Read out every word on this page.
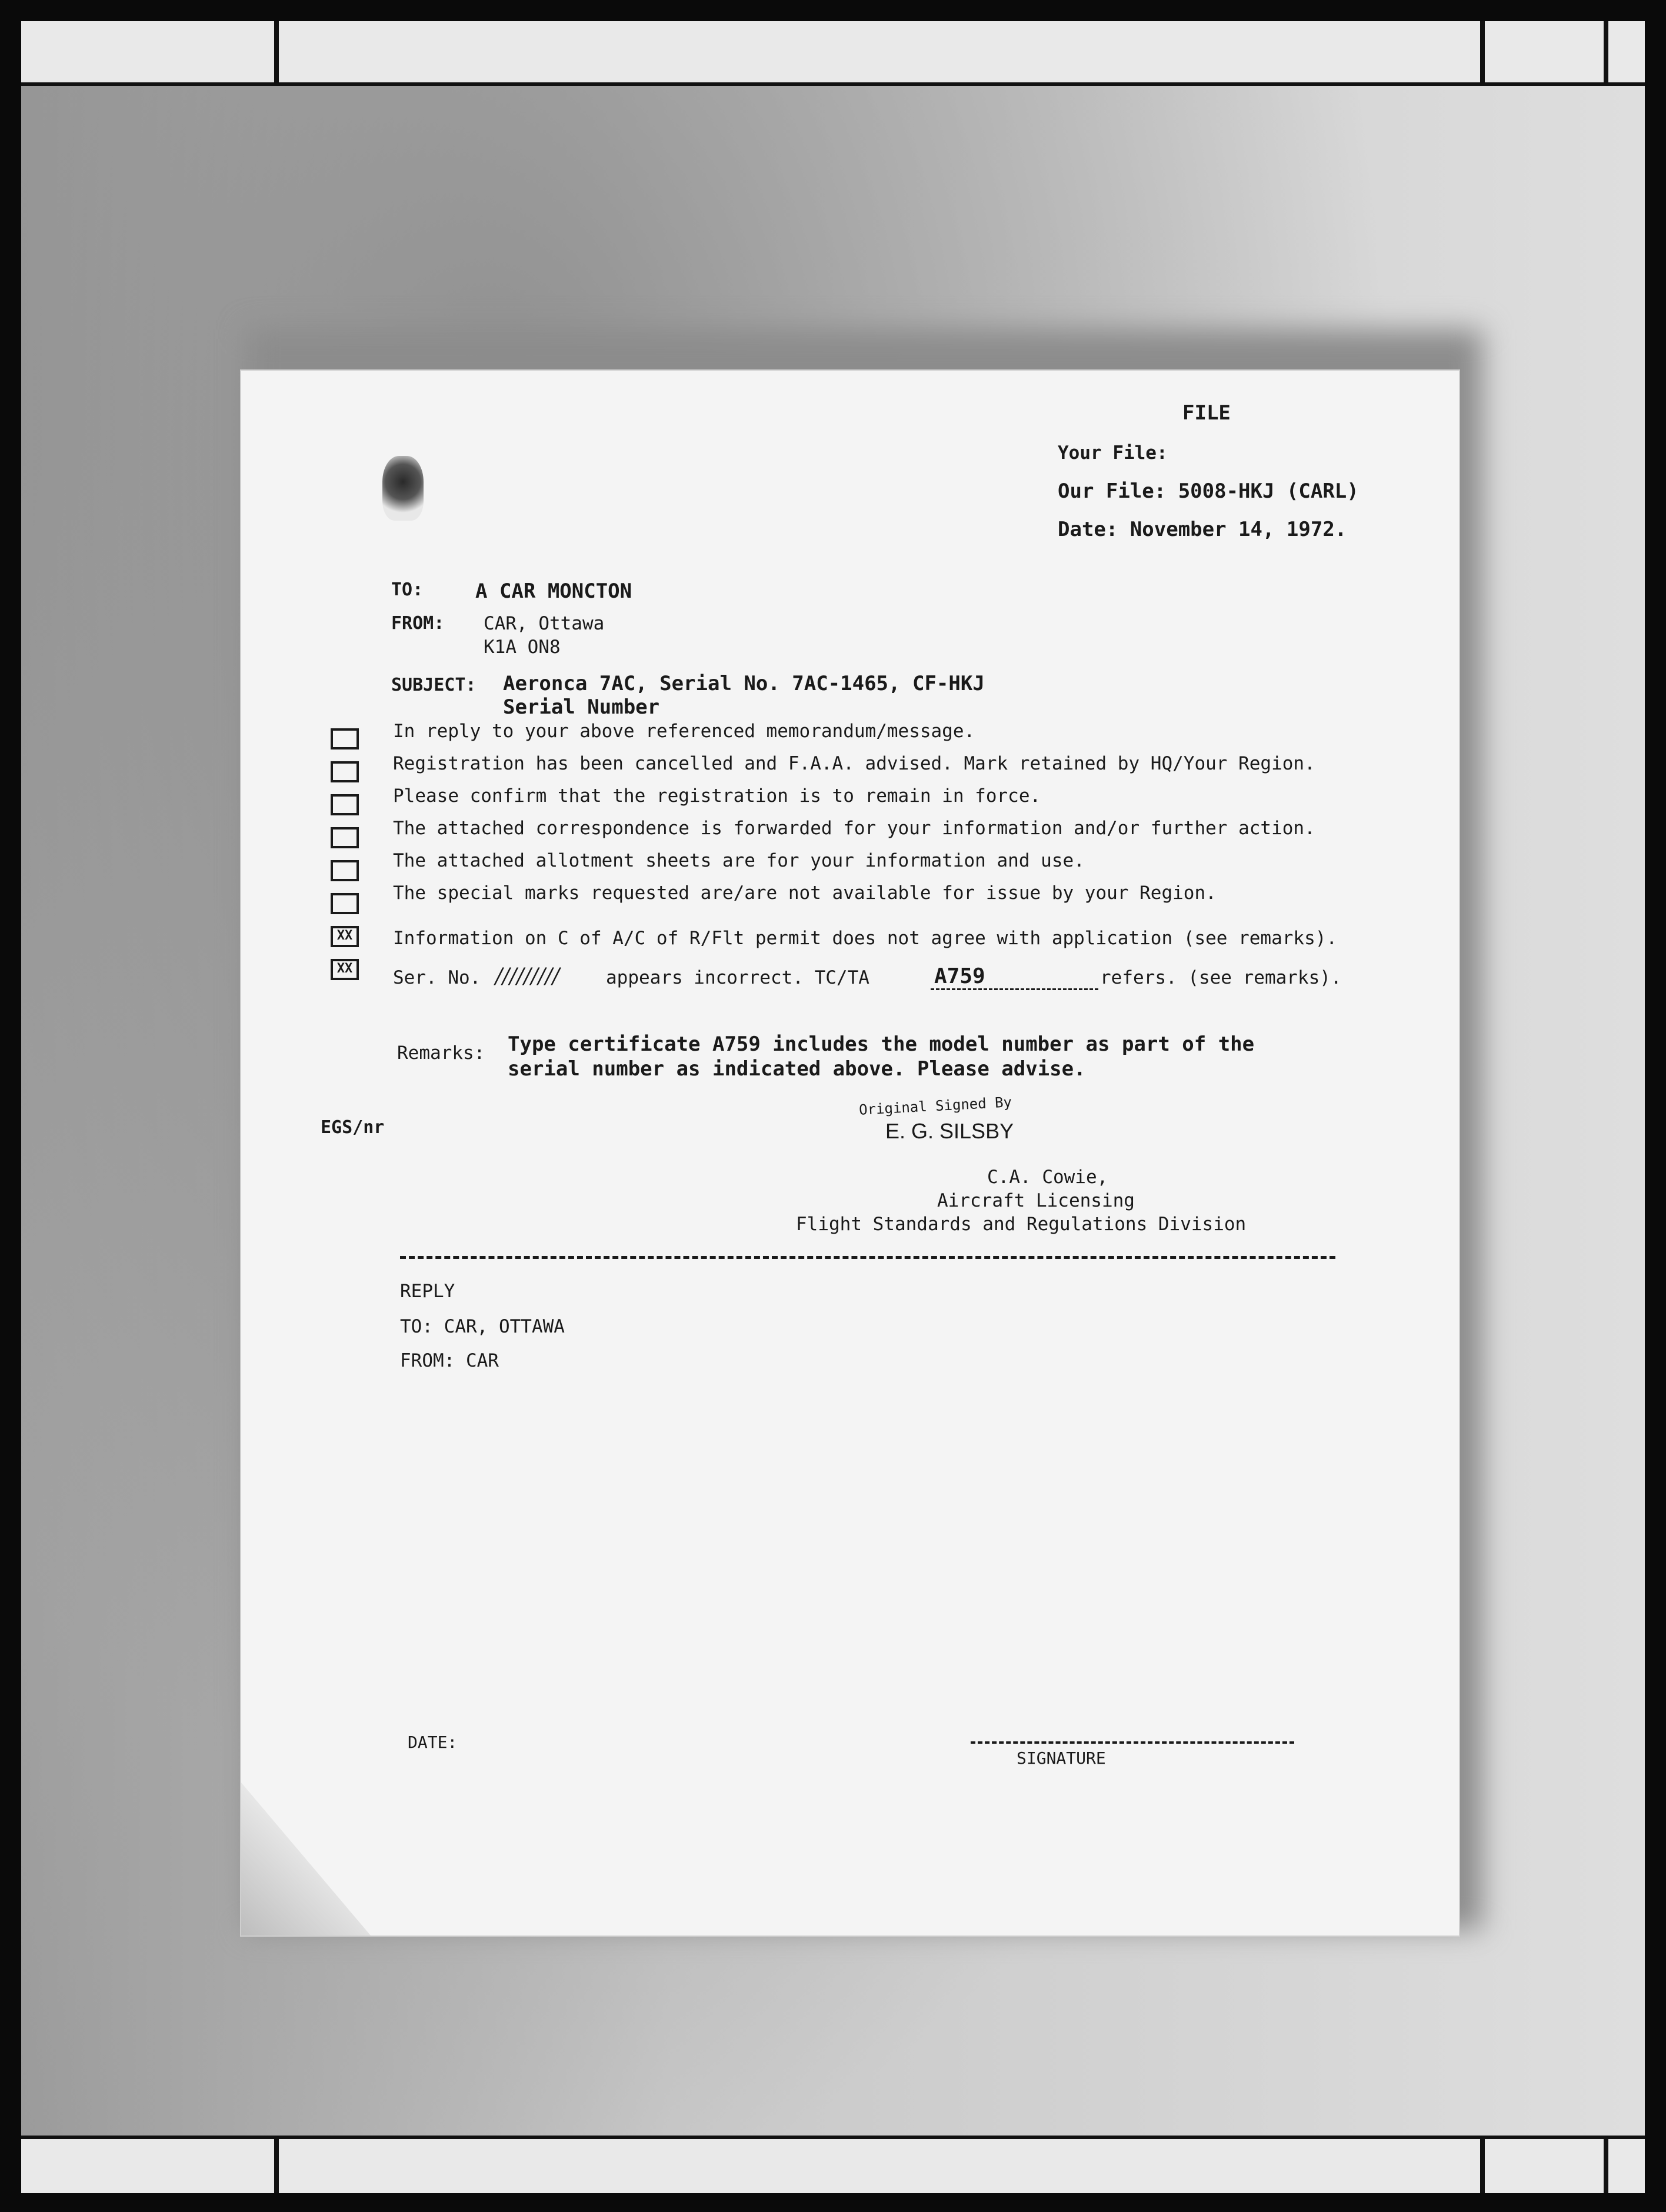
FILE
Your File:
Our File: 5008-HKJ (CARL)
Date: November 14, 1972.
TO:	A CAR MONCTON
FROM: CAR, Ottawa
K1A ON8
SUBJECT: Aeronca 7AC, Serial No. 7AC-1465, CF-HKJ
Serial Number
XX
XX
In reply to your above referenced memorandum/message.
Registration has been cancelled and F.A.A. advised. Mark retained by HQ/Your Region.
Please confirm that the registration is to remain in force.
The attached correspondence is forwarded for your information and/or further action.
The attached allotment sheets are for your information and use.
The special marks requested are/are not available for issue by your Region.
Information on C of A/C of R/Flt permit does not agree with application (see remarks).
Ser. No. /////////	appears incorrect. TC/TA	A759	refers. (see remarks).
Remarks: Type certificate A759 includes the model number as part of the
serial number as indicated above. Please advise.
EGS/nr
Original Signed By
E. G. SILSBY
C.A. Cowie,
Aircraft Licensing
Flight Standards and Regulations Division
REPLY
TO: CAR, OTTAWA
FROM: CAR
DATE:
SIGNATURE
